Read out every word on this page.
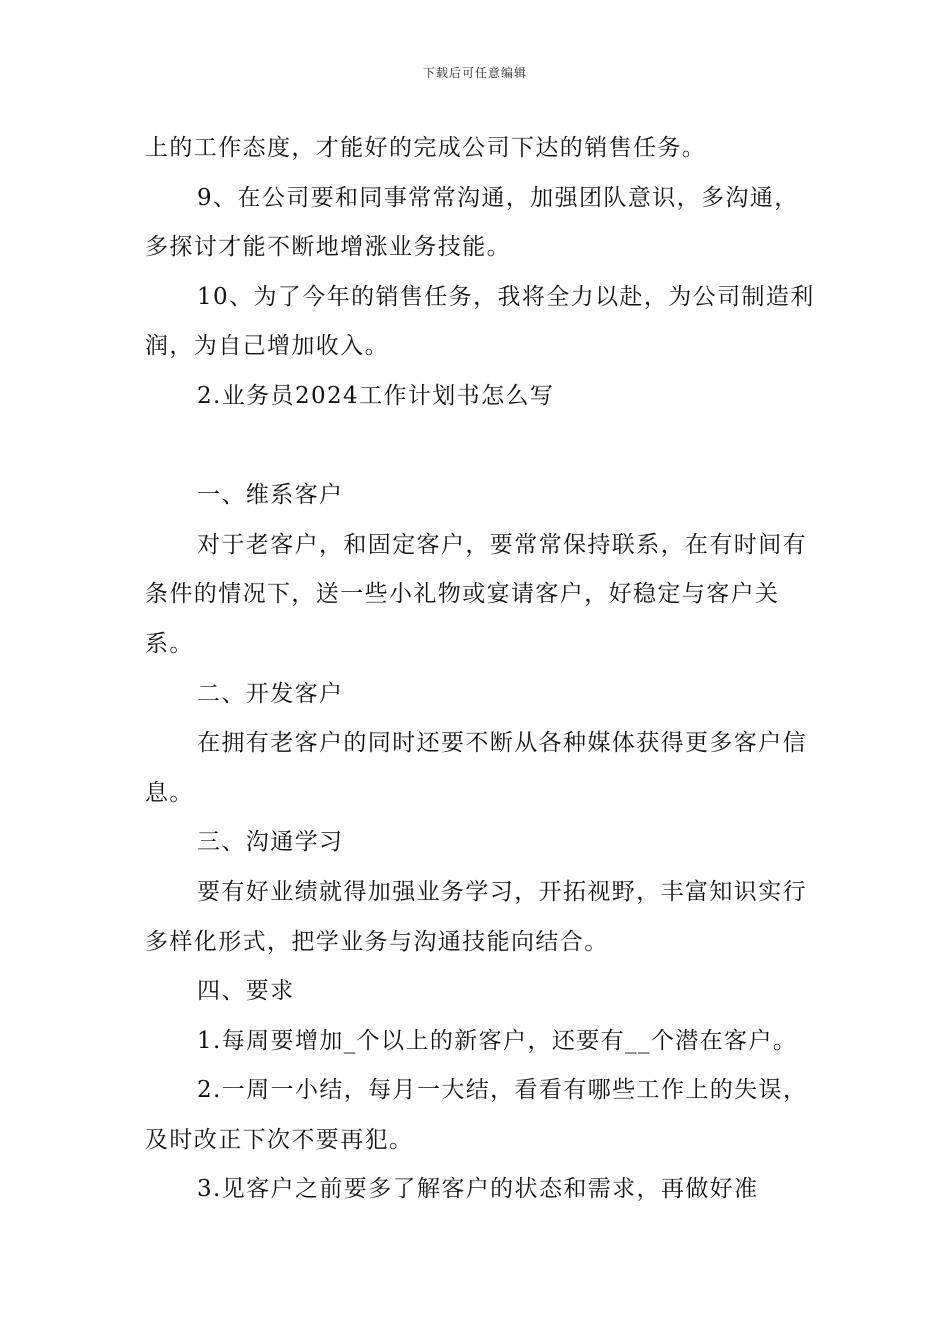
下载后可任意编辑

上的工作态度，才能好的完成公司下达的销售任务。

9、在公司要和同事常常沟通，加强团队意识，多沟通，多探讨才能不断地增涨业务技能。

10、为了今年的销售任务，我将全力以赴，为公司制造利润，为自己增加收入。

2.业务员2024工作计划书怎么写

一、维系客户

对于老客户，和固定客户，要常常保持联系，在有时间有条件的情况下，送一些小礼物或宴请客户，好稳定与客户关系。

二、开发客户

在拥有老客户的同时还要不断从各种媒体获得更多客户信息。

三、沟通学习

要有好业绩就得加强业务学习，开拓视野，丰富知识实行多样化形式，把学业务与沟通技能向结合。

四、要求

1.每周要增加_个以上的新客户，还要有__个潜在客户。

2.一周一小结，每月一大结，看看有哪些工作上的失误，及时改正下次不要再犯。

3.见客户之前要多了解客户的状态和需求，再做好准
